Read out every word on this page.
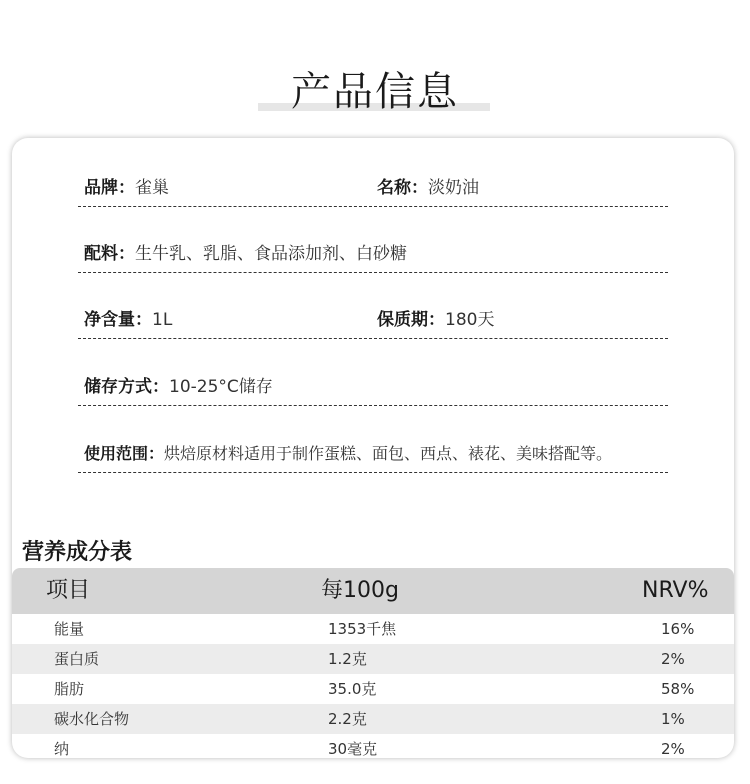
产品信息
品牌：雀巢	名称：淡奶油
配料：生牛乳、乳脂、食品添加剂、白砂糖
净含量：1L	保质期：180天
储存方式：10-25°C储存
使用范围：烘焙原材料适用于制作蛋糕、面包、西点、裱花、美味搭配等。
营养成分表
项目	每100g	NRV%
能量	1353千焦	16%
蛋白质	1.2克	2%
脂肪	35.0克	58%
碳水化合物	2.2克	1%
纳	30毫克	2%
